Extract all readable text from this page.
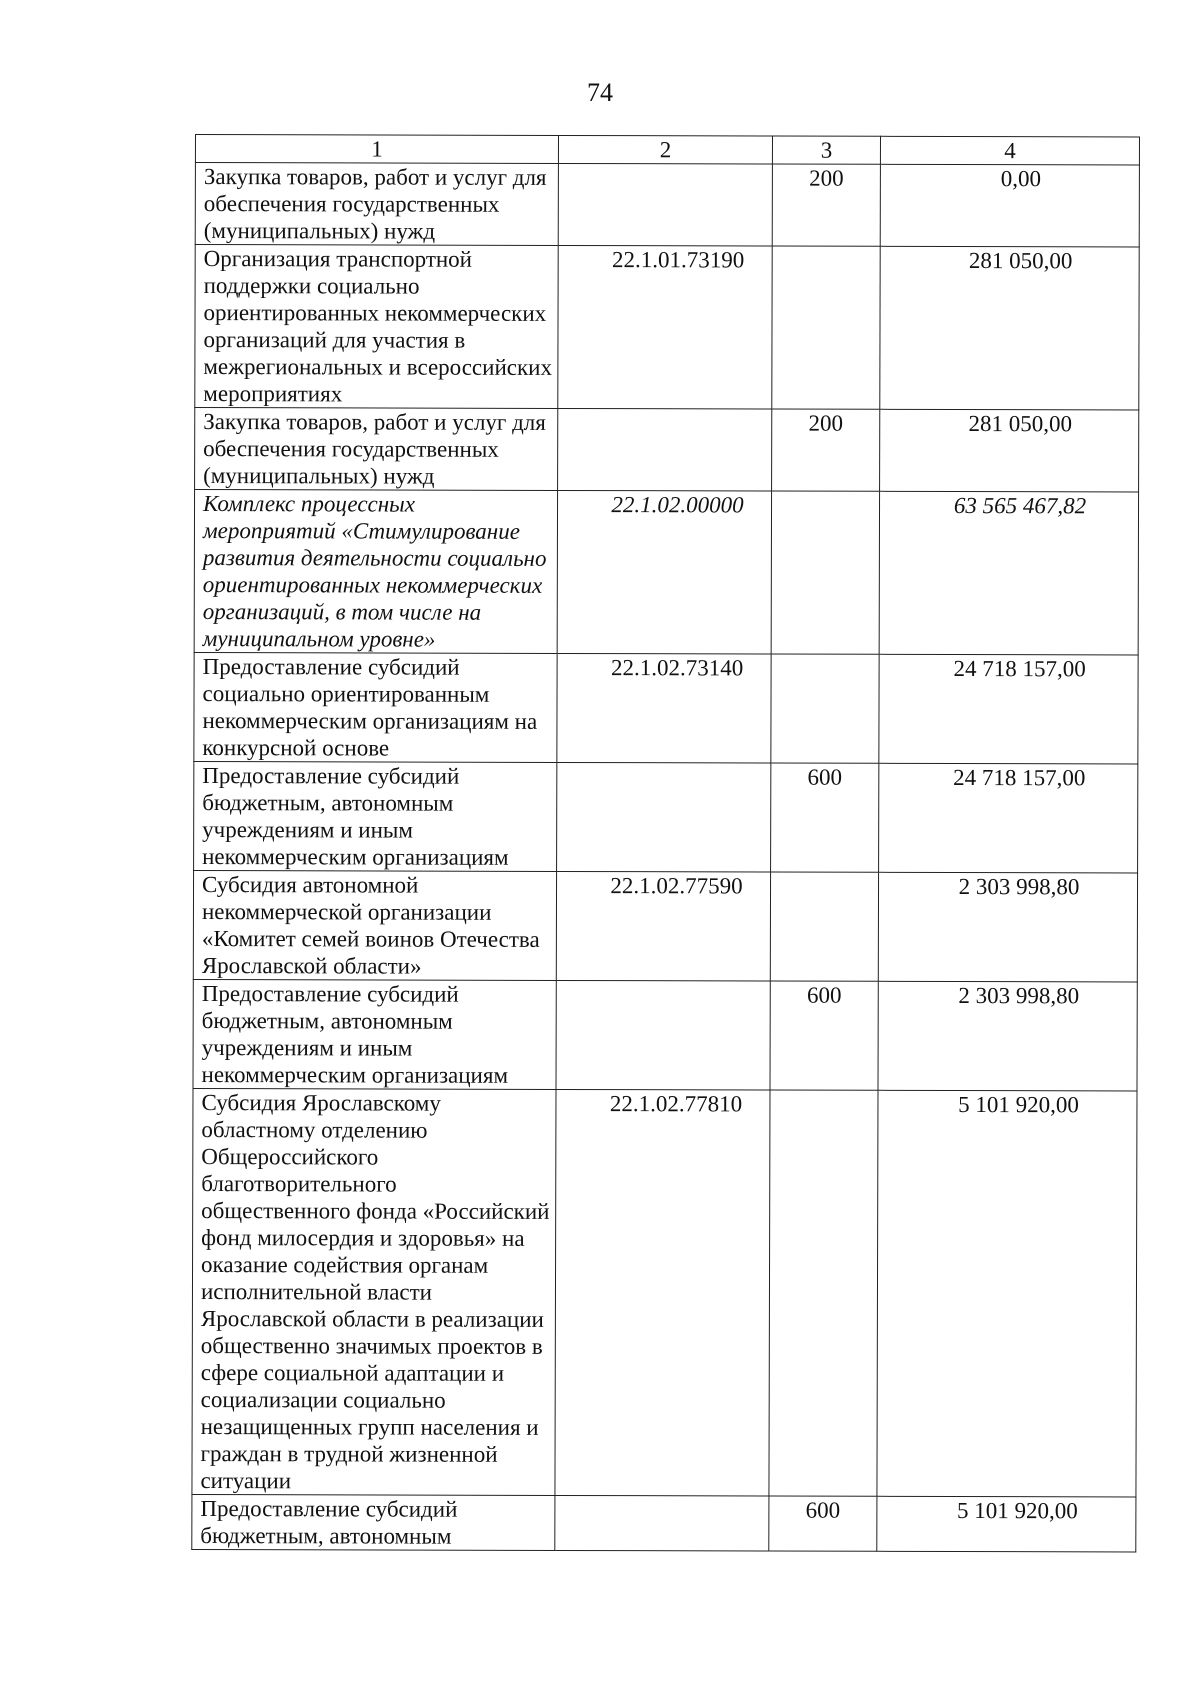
74
1	2	3	4
Закупка товаров, работ и услуг для обеспечения государственных (муниципальных) нужд		200	0,00
Организация транспортной поддержки социально ориентированных некоммерческих организаций для участия в межрегиональных и всероссийских мероприятиях	22.1.01.73190		281 050,00
Закупка товаров, работ и услуг для обеспечения государственных (муниципальных) нужд		200	281 050,00
Комплекс процессных мероприятий «Стимулирование развития деятельности социально ориентированных некоммерческих организаций, в том числе на муниципальном уровне»	22.1.02.00000		63 565 467,82
Предоставление субсидий социально ориентированным некоммерческим организациям на конкурсной основе	22.1.02.73140		24 718 157,00
Предоставление субсидий бюджетным, автономным учреждениям и иным некоммерческим организациям		600	24 718 157,00
Субсидия автономной некоммерческой организации «Комитет семей воинов Отечества Ярославской области»	22.1.02.77590		2 303 998,80
Предоставление субсидий бюджетным, автономным учреждениям и иным некоммерческим организациям		600	2 303 998,80
Субсидия Ярославскому областному отделению Общероссийского благотворительного общественного фонда «Российский фонд милосердия и здоровья» на оказание содействия органам исполнительной власти Ярославской области в реализации общественно значимых проектов в сфере социальной адаптации и социализации социально незащищенных групп населения и граждан в трудной жизненной ситуации	22.1.02.77810		5 101 920,00
Предоставление субсидий бюджетным, автономным		600	5 101 920,00
